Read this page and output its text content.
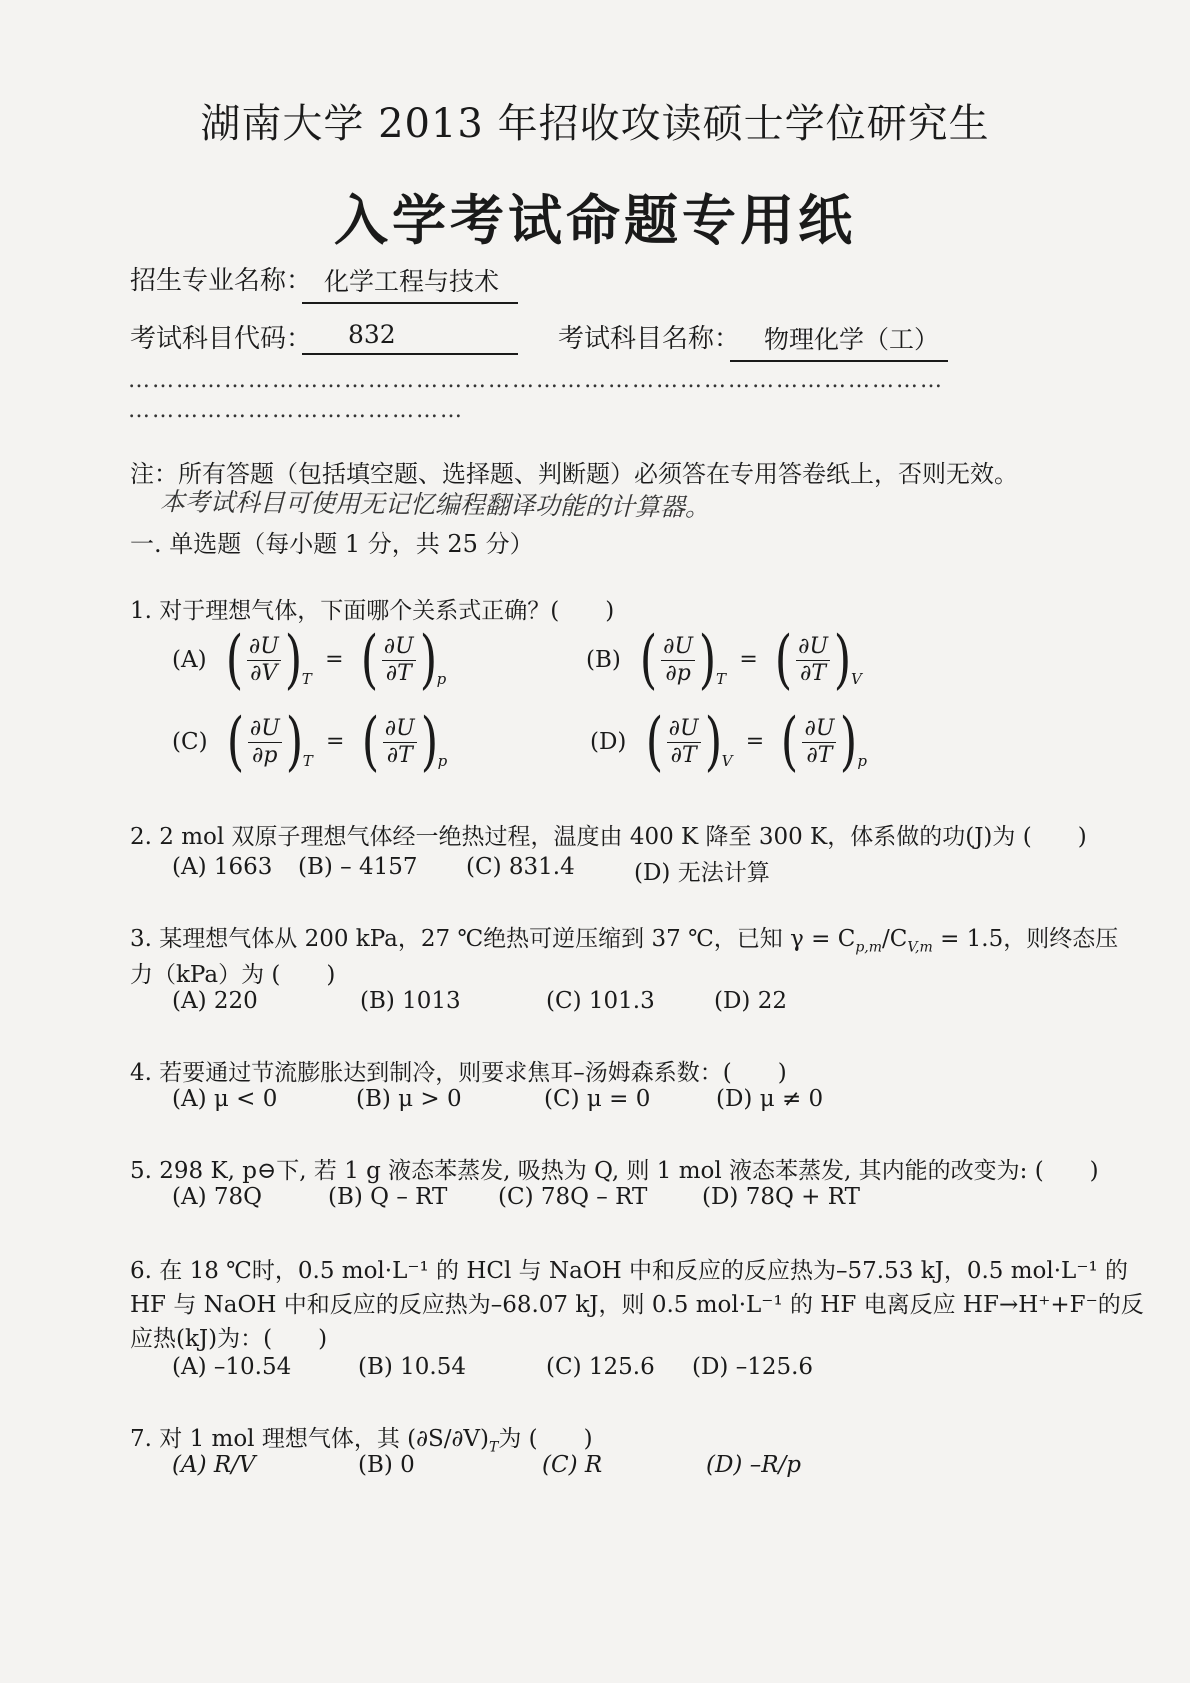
湖南大学 2013 年招收攻读硕士学位研究生
入学考试命题专用纸
招生专业名称： 化学工程与技术
考试科目代码：	832	考试科目名称： 物理化学（工）
…………………………………………………………………………………………
……………………………………
注：所有答题（包括填空题、选择题、判断题）必须答在专用答卷纸上，否则无效。
本考试科目可使用无记忆编程翻译功能的计算器。
一. 单选题（每小题 1 分，共 25 分）
1. 对于理想气体，下面哪个关系式正确？(　　)
(A) ( $\frac{\partial U}{\partial V}$ ) T
= ( $\frac{\partial U}{\partial T}$ ) p
(B) ( $\frac{\partial U}{\partial p}$ ) T
= ( $\frac{\partial U}{\partial T}$ ) V
(C) ( $\frac{\partial U}{\partial p}$ ) T
= ( $\frac{\partial U}{\partial T}$ ) p
(D) ( $\frac{\partial U}{\partial T}$ ) V
= ( $\frac{\partial U}{\partial T}$ ) p
2. 2 mol 双原子理想气体经一绝热过程，温度由 400 K 降至 300 K，体系做的功(J)为 (　　)
(A) 1663 (B) – 4157 (C) 831.4	(D) 无法计算
3. 某理想气体从 200 kPa，27 ℃绝热可逆压缩到 37 ℃，已知 $\gamma = C_{p,m}/C_{V,m} = 1.5$，则终态压
力（kPa）为 (　　)
(A) 220	(B) 1013	(C) 101.3	(D) 22
4. 若要通过节流膨胀达到制冷，则要求焦耳–汤姆森系数：(　　)
(A) μ < 0	(B) μ > 0	(C) μ = 0	(D) μ ≠ 0
5. 298 K, p⊖下, 若 1 g 液态苯蒸发, 吸热为 Q, 则 1 mol 液态苯蒸发, 其内能的改变为: (　　)
(A) 78Q	(B) Q – RT (C) 78Q – RT (D) 78Q + RT
6. 在 18 ℃时，0.5 mol·L⁻¹ 的 HCl 与 NaOH 中和反应的反应热为–57.53 kJ，0.5 mol·L⁻¹ 的
HF 与 NaOH 中和反应的反应热为–68.07 kJ，则 0.5 mol·L⁻¹ 的 HF 电离反应 HF→H⁺+F⁻的反
应热(kJ)为：(　　)
(A) –10.54	(B) 10.54	(C) 125.6 (D) –125.6
7. 对 1 mol 理想气体，其 $(\partial S/\partial V)_T$为 (　　)
(A) R/V	(B) 0	(C) R	(D) –R/p
